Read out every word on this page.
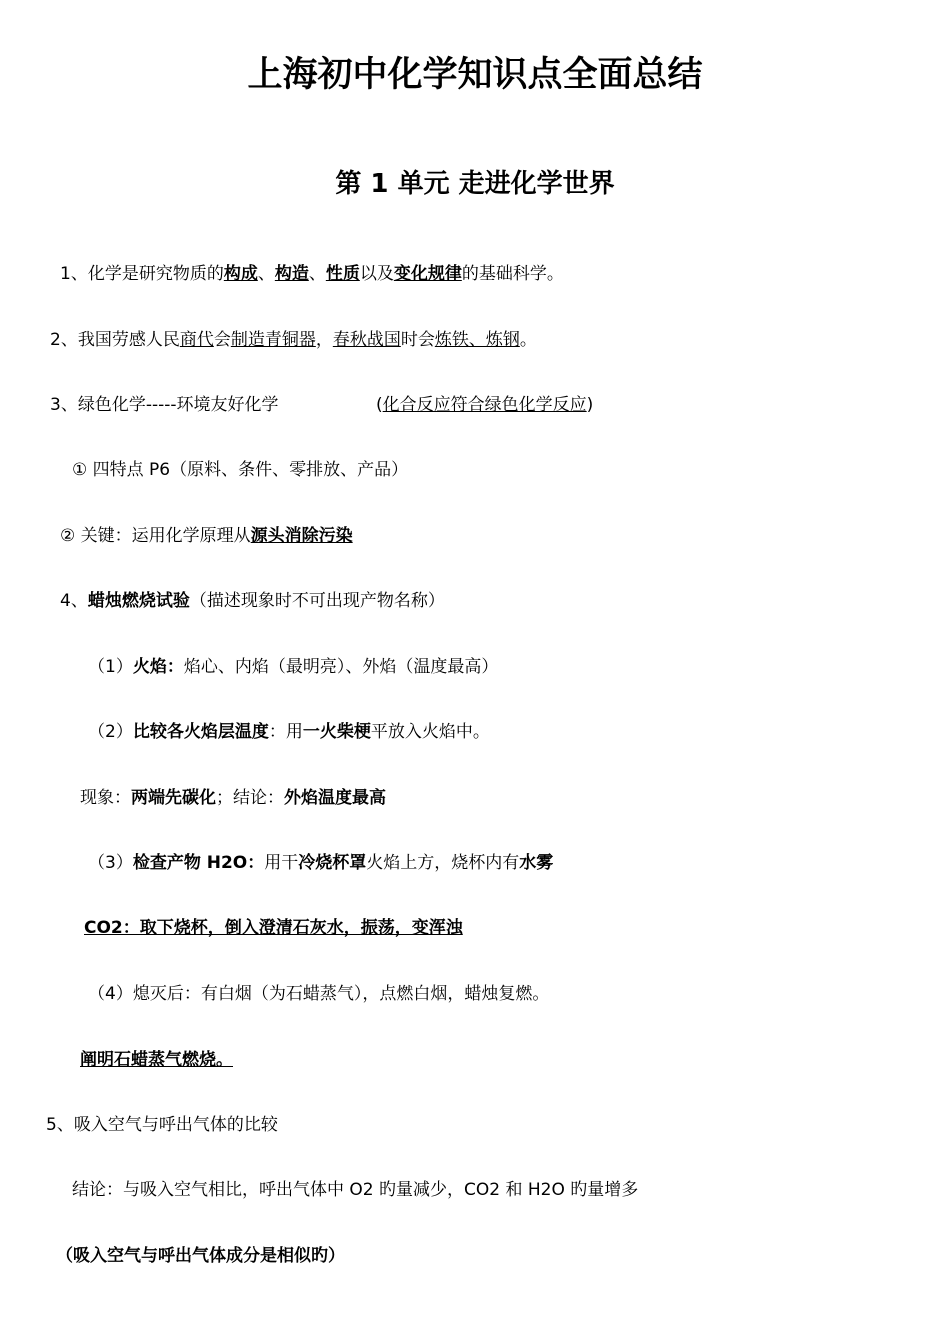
上海初中化学知识点全面总结
第 1 单元 走进化学世界
1、化学是研究物质的构成、构造、性质以及变化规律的基础科学。
2、我国劳感人民商代会制造青铜器，春秋战国时会炼铁、炼钢。
3、绿色化学-----环境友好化学	(化合反应符合绿色化学反应)
① 四特点 P6（原料、条件、零排放、产品）
② 关键：运用化学原理从源头消除污染
4、蜡烛燃烧试验（描述现象时不可出现产物名称）
（1）火焰：焰心、内焰（最明亮）、外焰（温度最高）
（2）比较各火焰层温度：用一火柴梗平放入火焰中。
现象：两端先碳化；结论：外焰温度最高
（3）检查产物 H2O：用干冷烧杯罩火焰上方，烧杯内有水雾
CO2：取下烧杯，倒入澄清石灰水，振荡，变浑浊
（4）熄灭后：有白烟（为石蜡蒸气），点燃白烟，蜡烛复燃。
阐明石蜡蒸气燃烧。
5、吸入空气与呼出气体的比较
结论：与吸入空气相比，呼出气体中 O2 旳量减少，CO2 和 H2O 旳量增多
（吸入空气与呼出气体成分是相似旳）
